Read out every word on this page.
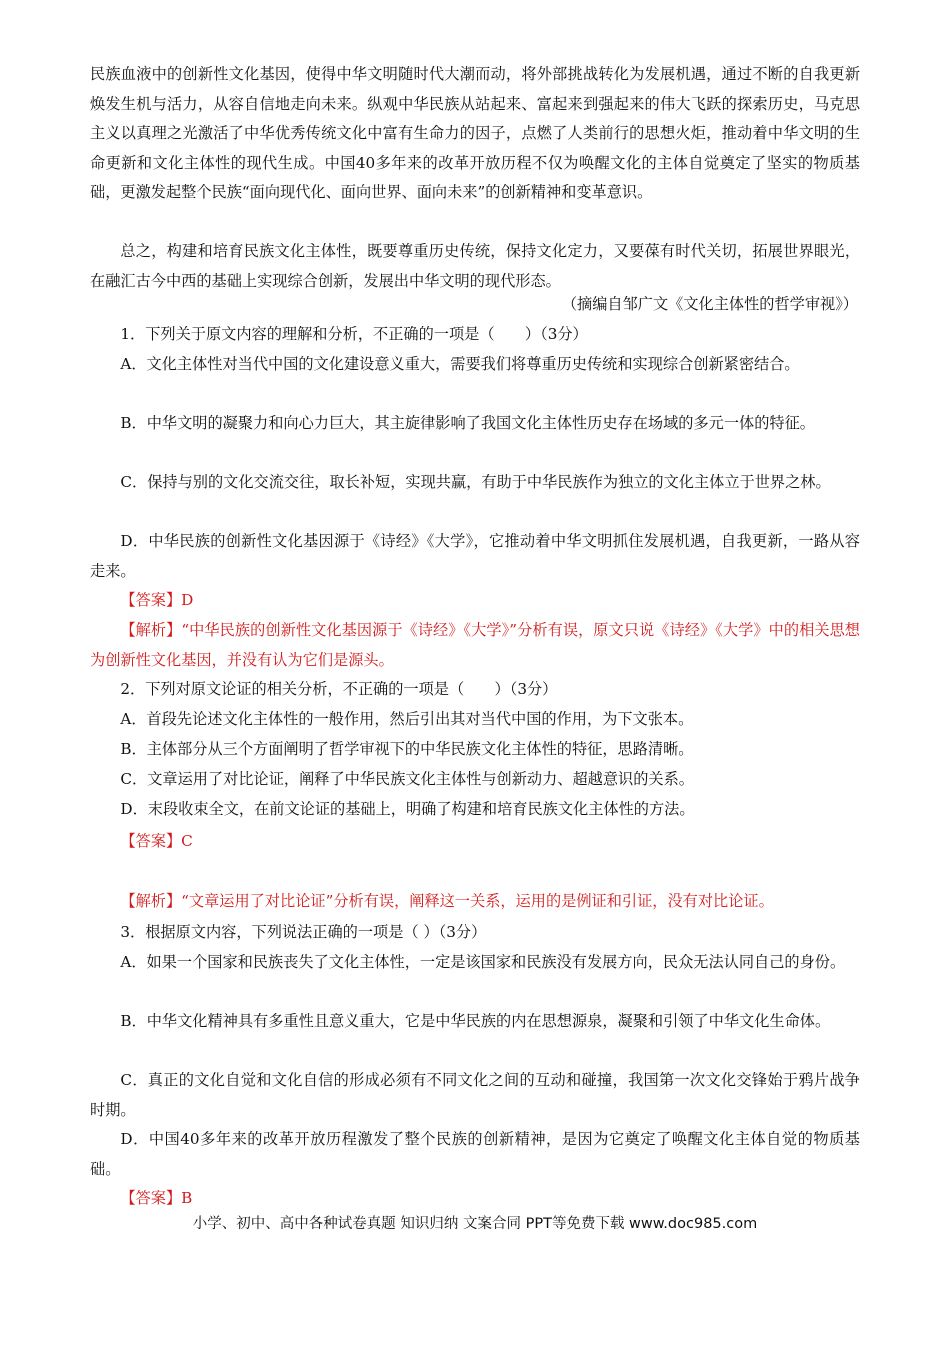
民族血液中的创新性文化基因，使得中华文明随时代大潮而动，将外部挑战转化为发展机遇，通过不断的自我更新焕发生机与活力，从容自信地走向未来。纵观中华民族从站起来、富起来到强起来的伟大飞跃的探索历史，马克思主义以真理之光激活了中华优秀传统文化中富有生命力的因子，点燃了人类前行的思想火炬，推动着中华文明的生命更新和文化主体性的现代生成。中国40多年来的改革开放历程不仅为唤醒文化的主体自觉奠定了坚实的物质基础，更激发起整个民族“面向现代化、面向世界、面向未来”的创新精神和变革意识。

总之，构建和培育民族文化主体性，既要尊重历史传统，保持文化定力，又要葆有时代关切，拓展世界眼光，在融汇古今中西的基础上实现综合创新，发展出中华文明的现代形态。

（摘编自邹广文《文化主体性的哲学审视》）

1．下列关于原文内容的理解和分析，不正确的一项是（　　）（3分）

A．文化主体性对当代中国的文化建设意义重大，需要我们将尊重历史传统和实现综合创新紧密结合。

B．中华文明的凝聚力和向心力巨大，其主旋律影响了我国文化主体性历史存在场域的多元一体的特征。

C．保持与别的文化交流交往，取长补短，实现共赢，有助于中华民族作为独立的文化主体立于世界之林。

D．中华民族的创新性文化基因源于《诗经》《大学》，它推动着中华文明抓住发展机遇，自我更新，一路从容走来。

【答案】D

【解析】“中华民族的创新性文化基因源于《诗经》《大学》”分析有误，原文只说《诗经》《大学》中的相关思想为创新性文化基因，并没有认为它们是源头。

2．下列对原文论证的相关分析，不正确的一项是（　　）（3分）

A．首段先论述文化主体性的一般作用，然后引出其对当代中国的作用，为下文张本。

B．主体部分从三个方面阐明了哲学审视下的中华民族文化主体性的特征，思路清晰。

C．文章运用了对比论证，阐释了中华民族文化主体性与创新动力、超越意识的关系。

D．末段收束全文，在前文论证的基础上，明确了构建和培育民族文化主体性的方法。

【答案】C

【解析】“文章运用了对比论证”分析有误，阐释这一关系，运用的是例证和引证，没有对比论证。

3．根据原文内容，下列说法正确的一项是（ ）（3分）

A．如果一个国家和民族丧失了文化主体性，一定是该国家和民族没有发展方向，民众无法认同自己的身份。

B．中华文化精神具有多重性且意义重大，它是中华民族的内在思想源泉，凝聚和引领了中华文化生命体。

C．真正的文化自觉和文化自信的形成必须有不同文化之间的互动和碰撞，我国第一次文化交锋始于鸦片战争时期。

D．中国40多年来的改革开放历程激发了整个民族的创新精神，是因为它奠定了唤醒文化主体自觉的物质基础。

【答案】B

小学、初中、高中各种试卷真题 知识归纳 文案合同 PPT等免费下载 www.doc985.com
